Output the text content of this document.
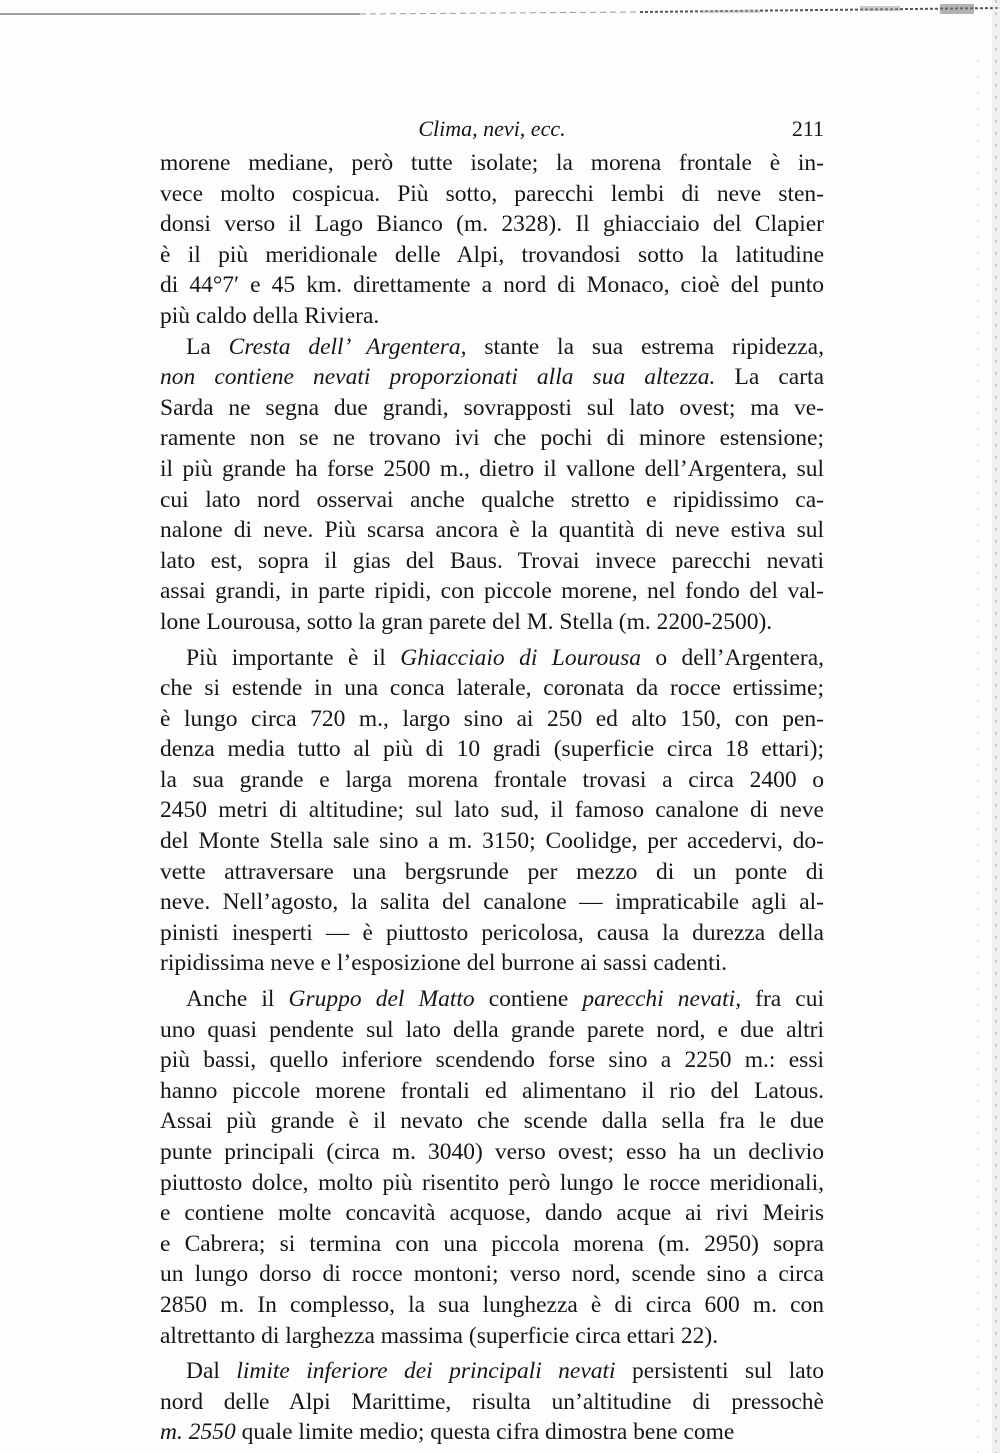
Clima, nevi, ecc.	211
morene mediane, però tutte isolate; la morena frontale è in-
vece molto cospicua. Più sotto, parecchi lembi di neve sten-
donsi verso il Lago Bianco (m. 2328). Il ghiacciaio del Clapier
è il più meridionale delle Alpi, trovandosi sotto la latitudine
di 44°7′ e 45 km. direttamente a nord di Monaco, cioè del punto
più caldo della Riviera.
La Cresta dell’ Argentera, stante la sua estrema ripidezza,
non contiene nevati proporzionati alla sua altezza. La carta
Sarda ne segna due grandi, sovrapposti sul lato ovest; ma ve-
ramente non se ne trovano ivi che pochi di minore estensione;
il più grande ha forse 2500 m., dietro il vallone dell’Argentera, sul
cui lato nord osservai anche qualche stretto e ripidissimo ca-
nalone di neve. Più scarsa ancora è la quantità di neve estiva sul
lato est, sopra il gias del Baus. Trovai invece parecchi nevati
assai grandi, in parte ripidi, con piccole morene, nel fondo del val-
lone Lourousa, sotto la gran parete del M. Stella (m. 2200-2500).
Più importante è il Ghiacciaio di Lourousa o dell’Argentera,
che si estende in una conca laterale, coronata da rocce ertissime;
è lungo circa 720 m., largo sino ai 250 ed alto 150, con pen-
denza media tutto al più di 10 gradi (superficie circa 18 ettari);
la sua grande e larga morena frontale trovasi a circa 2400 o
2450 metri di altitudine; sul lato sud, il famoso canalone di neve
del Monte Stella sale sino a m. 3150; Coolidge, per accedervi, do-
vette attraversare una bergsrunde per mezzo di un ponte di
neve. Nell’agosto, la salita del canalone — impraticabile agli al-
pinisti inesperti — è piuttosto pericolosa, causa la durezza della
ripidissima neve e l’esposizione del burrone ai sassi cadenti.
Anche il Gruppo del Matto contiene parecchi nevati, fra cui
uno quasi pendente sul lato della grande parete nord, e due altri
più bassi, quello inferiore scendendo forse sino a 2250 m.: essi
hanno piccole morene frontali ed alimentano il rio del Latous.
Assai più grande è il nevato che scende dalla sella fra le due
punte principali (circa m. 3040) verso ovest; esso ha un declivio
piuttosto dolce, molto più risentito però lungo le rocce meridionali,
e contiene molte concavità acquose, dando acque ai rivi Meiris
e Cabrera; si termina con una piccola morena (m. 2950) sopra
un lungo dorso di rocce montoni; verso nord, scende sino a circa
2850 m. In complesso, la sua lunghezza è di circa 600 m. con
altrettanto di larghezza massima (superficie circa ettari 22).
Dal limite inferiore dei principali nevati persistenti sul lato
nord delle Alpi Marittime, risulta un’altitudine di pressochè
m. 2550 quale limite medio; questa cifra dimostra bene come
